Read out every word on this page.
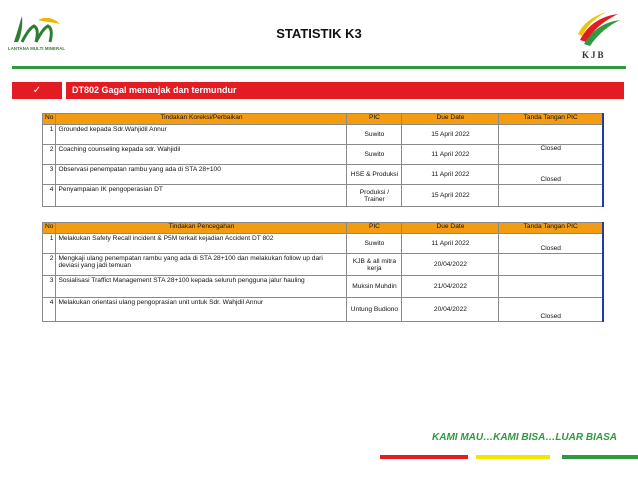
LANTANA MULTI MINERAL
STATISTIK K3
KJB
✓	DT802 Gagal menanjak dan termundur
No	Tindakan Koreksi/Perbaikan	PIC	Due Date	Tanda Tangan PIC
1	Grounded kepada Sdr.Wahjidil Annur	Suwito	15 April 2022	
2	Coaching counseling kepada sdr. Wahjidil	Suwito	11 April 2022	Closed
3	Observasi penempatan rambu yang ada di STA 28+100	HSE & Produksi	11 April 2022	Closed
4	Penyampaian IK pengoperasian DT	Produksi / Trainer	15 April 2022	
No	Tindakan Pencegahan	PIC	Due Date	Tanda Tangan PIC
1	Melakukan Safety Recall incident & P5M terkait kejadian Accident DT 802	Suwito	11 April 2022	Closed
2	Mengkaji ulang penempatan rambu yang ada di STA 28+100 dan melakukan follow up dari deviasi yang jadi temuan	KJB & all mitra kerja	20/04/2022	
3	Sosialisasi Traffict Management STA 28+100 kepada seluruh pengguna jalur hauling	Muksin Muhdin	21/04/2022	
4	Melakukan orientasi ulang pengoprasian unit untuk Sdr. Wahjdil Annur	Untung Budiono	20/04/2022	Closed
KAMI MAU…KAMI BISA…LUAR BIASA
